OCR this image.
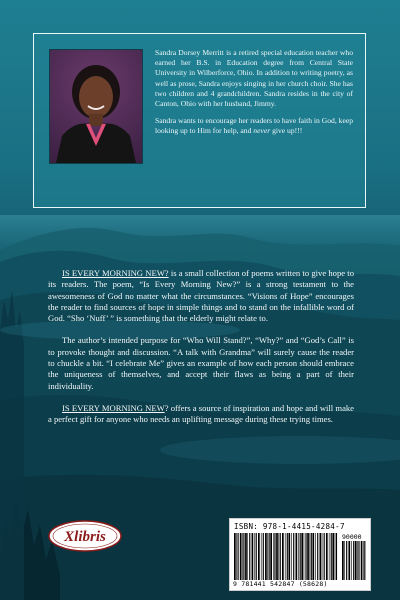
Sandra Dorsey Merritt is a retired special education teacher who earned her B.S. in Education degree from Central State University in Wilberforce, Ohio. In addition to writing poetry, as well as prose, Sandra enjoys singing in her church choir. She has two children and 4 grandchildren. Sandra resides in the city of Canton, Ohio with her husband, Jimmy.

Sandra wants to encourage her readers to have faith in God, keep looking up to Him for help, and never give up!!!

IS EVERY MORNING NEW? is a small collection of poems written to give hope to its readers. The poem, “Is Every Morning New?” is a strong testament to the awesomeness of God no matter what the circumstances. “Visions of Hope” encourages the reader to find sources of hope in simple things and to stand on the infallible word of God. “Sho ‘Nuff’ ” is something that the elderly might relate to.

The author’s intended purpose for “Who Will Stand?”, “Why?” and “God’s Call” is to provoke thought and discussion. “A talk with Grandma” will surely cause the reader to chuckle a bit. “I celebrate Me” gives an example of how each person should embrace the uniqueness of themselves, and accept their flaws as being a part of their individuality.

IS EVERY MORNING NEW? offers a source of inspiration and hope and will make a perfect gift for anyone who needs an uplifting message during these trying times.

Xlibris
ISBN: 978-1-4415-4284-7
90000
9 781441 542847 (58628)
